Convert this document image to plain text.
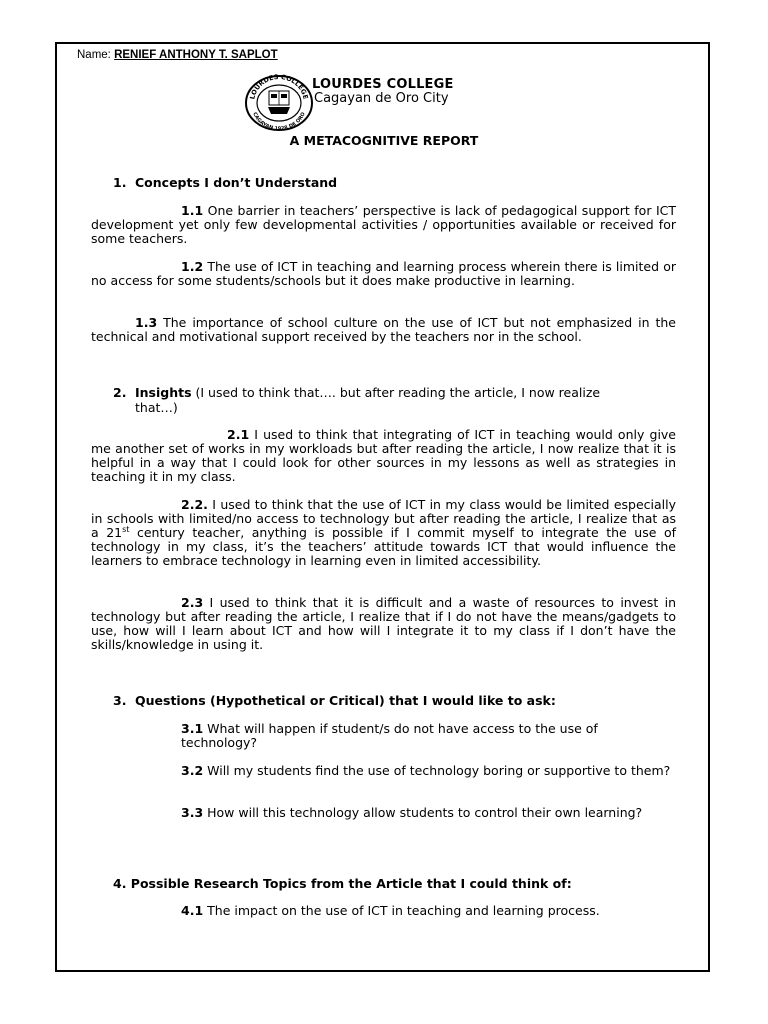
Name: RENIEF ANTHONY T. SAPLOT
LOURDES COLLEGE
CAGAYAN 1928 DE ORO
LOURDES COLLEGE
Cagayan de Oro City
A METACOGNITIVE REPORT
1. Concepts I don’t Understand
1.1 One barrier in teachers’ perspective is lack of pedagogical support for ICT development yet only few developmental activities / opportunities available or received for some teachers.
1.2 The use of ICT in teaching and learning process wherein there is limited or no access for some students/schools but it does make productive in learning.
1.3 The importance of school culture on the use of ICT but not emphasized in the technical and motivational support received by the teachers nor in the school.
2. Insights (I used to think that…. but after reading the article, I now realize
that…)
2.1 I used to think that integrating of ICT in teaching would only give me another set of works in my workloads but after reading the article, I now realize that it is helpful in a way that I could look for other sources in my lessons as well as strategies in teaching it in my class.
2.2. I used to think that the use of ICT in my class would be limited especially in schools with limited/no access to technology but after reading the article, I realize that as a 21st century teacher, anything is possible if I commit myself to integrate the use of technology in my class, it’s the teachers’ attitude towards ICT that would influence the learners to embrace technology in learning even in limited accessibility.
2.3 I used to think that it is difficult and a waste of resources to invest in technology but after reading the article, I realize that if I do not have the means/gadgets to use, how will I learn about ICT and how will I integrate it to my class if I don’t have the skills/knowledge in using it.
3. Questions (Hypothetical or Critical) that I would like to ask:
3.1 What will happen if student/s do not have access to the use of technology?
3.2 Will my students find the use of technology boring or supportive to them?
3.3 How will this technology allow students to control their own learning?
4. Possible Research Topics from the Article that I could think of:
4.1 The impact on the use of ICT in teaching and learning process.
